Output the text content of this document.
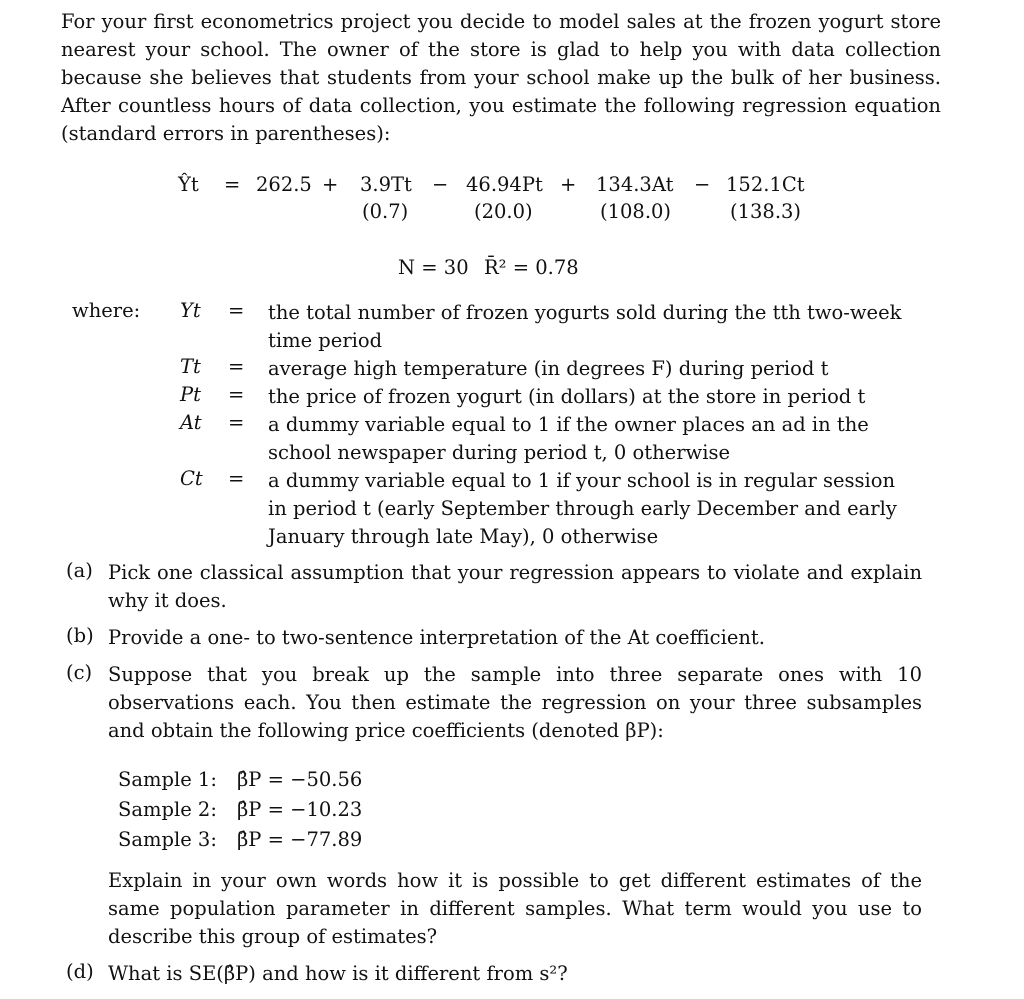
For your first econometrics project you decide to model sales at the frozen yogurt store nearest your school. The owner of the store is glad to help you with data collection because she believes that students from your school make up the bulk of her business. After countless hours of data collection, you estimate the following regression equation (standard errors in parentheses):
Ŷt = 262.5 + 3.9Tt − 46.94Pt + 134.3At − 152.1Ct
(0.7)	(20.0)	(108.0)	(138.3)
N = 30 R̄² = 0.78
where: Yt = the total number of frozen yogurts sold during the tth two-week time period
Tt = average high temperature (in degrees F) during period t
Pt = the price of frozen yogurt (in dollars) at the store in period t
At = a dummy variable equal to 1 if the owner places an ad in the school newspaper during period t, 0 otherwise
Ct = a dummy variable equal to 1 if your school is in regular session in period t (early September through early December and early January through late May), 0 otherwise
(a) Pick one classical assumption that your regression appears to violate and explain why it does.
(b) Provide a one- to two-sentence interpretation of the At coefficient.
(c) Suppose that you break up the sample into three separate ones with 10 observations each. You then estimate the regression on your three subsamples and obtain the following price coefficients (denoted βP):
Sample 1: β̂P = −50.56
Sample 2: β̂P = −10.23
Sample 3: β̂P = −77.89
Explain in your own words how it is possible to get different estimates of the same population parameter in different samples. What term would you use to describe this group of estimates?
(d) What is SE(β̂P) and how is it different from s²?
